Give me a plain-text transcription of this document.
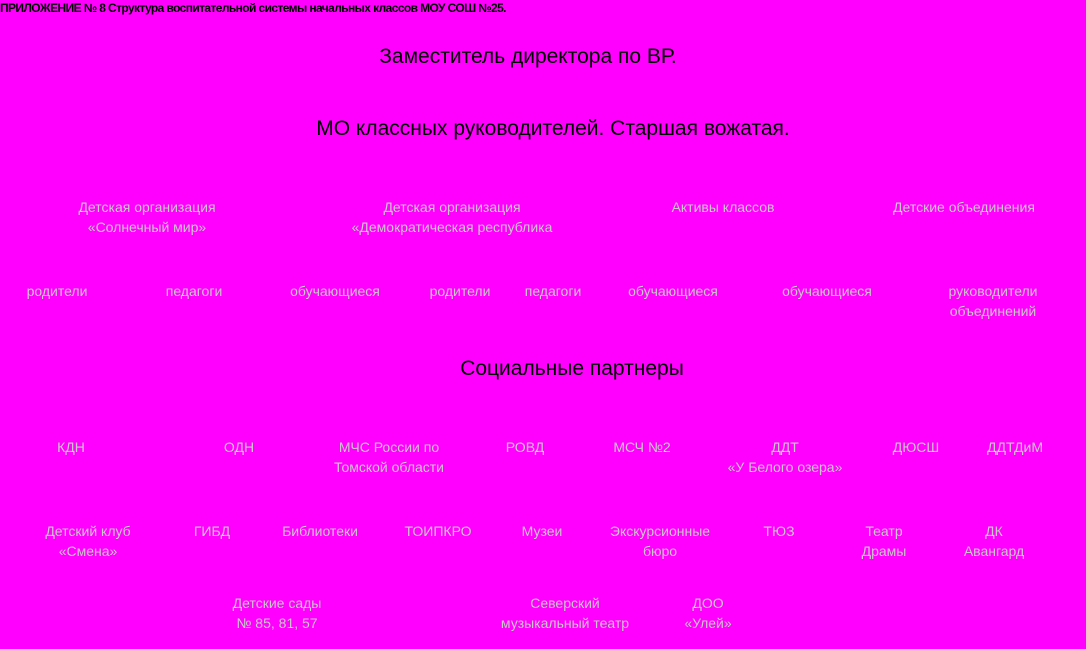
ПРИЛОЖЕНИЕ № 8 Структура воспитательной системы начальных классов МОУ СОШ №25.
Заместитель директора по ВР.
МО классных руководителей. Старшая вожатая.
Детская организация
«Солнечный мир»
Детская организация
«Демократическая республика
Активы классов	Детские объединения
родители	педагоги	обучающиеся	родители педагоги	обучающиеся	обучающиеся	руководители
объединений
Социальные партнеры
КДН	ОДН	МЧС России по
Томской области
РОВД	МСЧ №2	ДДТ
«У Белого озера»
ДЮСШ	ДДТДиМ
Детский клуб
«Смена»
ГИБД	Библиотеки	ТОИПКРО	Музеи	Экскурсионные
бюро
ТЮЗ	Театр
Драмы
ДК
Авангард
Детские сады
№ 85, 81, 57
Северский
музыкальный театр
ДОО
«Улей»
